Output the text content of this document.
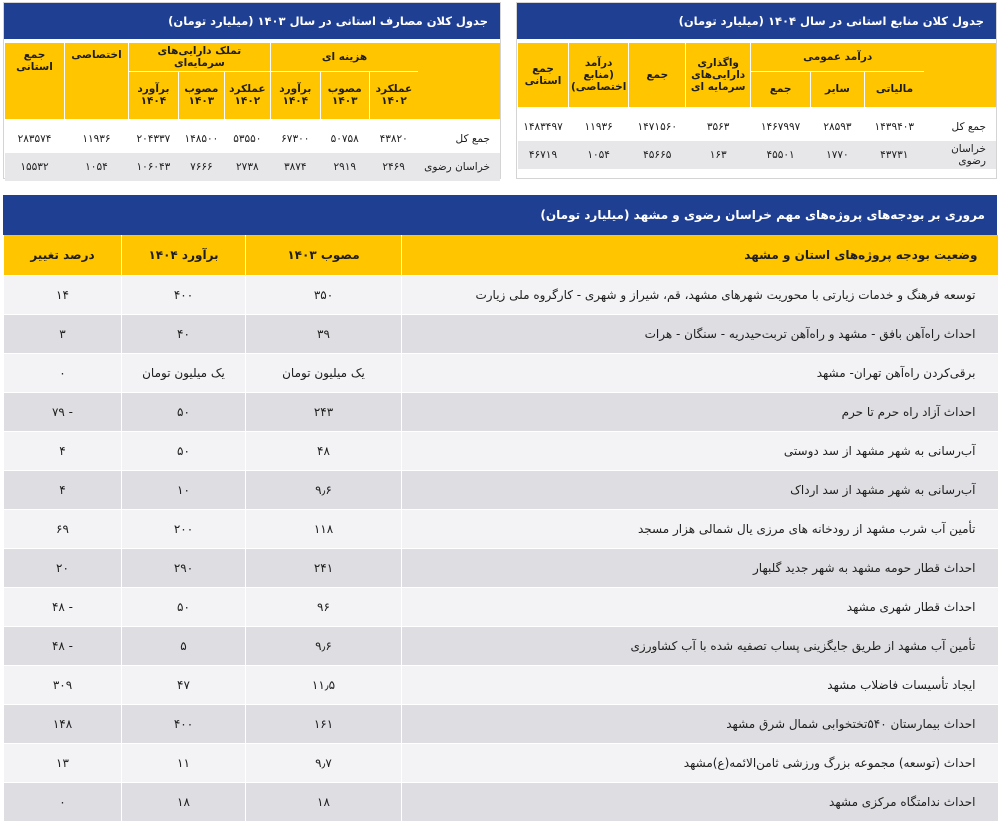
جدول کلان منابع استانی در سال ۱۴۰۴ (میلیارد تومان)

	درآمد عمومی			واگذاری دارایی‌های سرمایه ای	جمع	درآمد (منابع اختصاصی)	جمع استانی
	مالیاتی	سایر	جمع				

جمع کل	۱۴۳۹۴۰۳	۲۸۵۹۳	۱۴۶۷۹۹۷	۳۵۶۳	۱۴۷۱۵۶۰	۱۱۹۳۶	۱۴۸۳۴۹۷
خراسان رضوی	۴۳۷۳۱	۱۷۷۰	۴۵۵۰۱	۱۶۳	۴۵۶۶۵	۱۰۵۴	۴۶۷۱۹
جدول کلان مصارف استانی در سال ۱۴۰۳ (میلیارد تومان)

	هزینه ای			تملک دارایی‌های سرمایه‌ای			اختصاصی	جمع استانی
	عملکرد ۱۴۰۲	مصوب ۱۴۰۳	برآورد ۱۴۰۴	عملکرد ۱۴۰۲	مصوب ۱۴۰۳	برآورد ۱۴۰۴		

جمع کل	۴۳۸۲۰	۵۰۷۵۸	۶۷۳۰۰	۵۳۵۵۰	۱۴۸۵۰۰	۲۰۴۳۳۷	۱۱۹۳۶	۲۸۳۵۷۴
خراسان رضوی	۲۴۶۹	۲۹۱۹	۳۸۷۴	۲۷۳۸	۷۶۶۶	۱۰۶۰۴۳	۱۰۵۴	۱۵۵۳۲
مروری بر بودجه‌های پروژه‌های مهم خراسان رضوی و مشهد (میلیارد تومان)
وضعیت بودجه پروژه‌های استان و مشهد	مصوب ۱۴۰۳	برآورد ۱۴۰۴	درصد تغییر
توسعه فرهنگ و خدمات زیارتی با محوریت شهرهای مشهد، قم، شیراز و شهری - کارگروه ملی زیارت	۳۵۰	۴۰۰	۱۴
احداث راه‌آهن بافق - مشهد و راه‌آهن تربت‌حیدریه - سنگان - هرات	۳۹	۴۰	۳
برقی‌کردن راه‌آهن تهران- مشهد	یک میلیون تومان	یک میلیون تومان	۰
احداث آزاد راه حرم تا حرم	۲۴۳	۵۰	- ۷۹
آب‌رسانی به شهر مشهد از سد دوستی	۴۸	۵۰	۴
آب‌رسانی به شهر مشهد از سد ارداک	۹٫۶	۱۰	۴
تأمین آب شرب مشهد از رودخانه های مرزی یال شمالی هزار مسجد	۱۱۸	۲۰۰	۶۹
احداث قطار حومه مشهد به شهر جدید گلبهار	۲۴۱	۲۹۰	۲۰
احداث قطار شهری مشهد	۹۶	۵۰	- ۴۸
تأمین آب مشهد از طریق جایگزینی پساب تصفیه شده با آب کشاورزی	۹٫۶	۵	- ۴۸
ایجاد تأسیسات فاضلاب مشهد	۱۱٫۵	۴۷	۳۰۹
احداث بیمارستان ۵۴۰تختخوابی شمال شرق مشهد	۱۶۱	۴۰۰	۱۴۸
احداث (توسعه) مجموعه بزرگ ورزشی ثامن‌الائمه(ع)مشهد	۹٫۷	۱۱	۱۳
احداث ندامتگاه مرکزی مشهد	۱۸	۱۸	۰
